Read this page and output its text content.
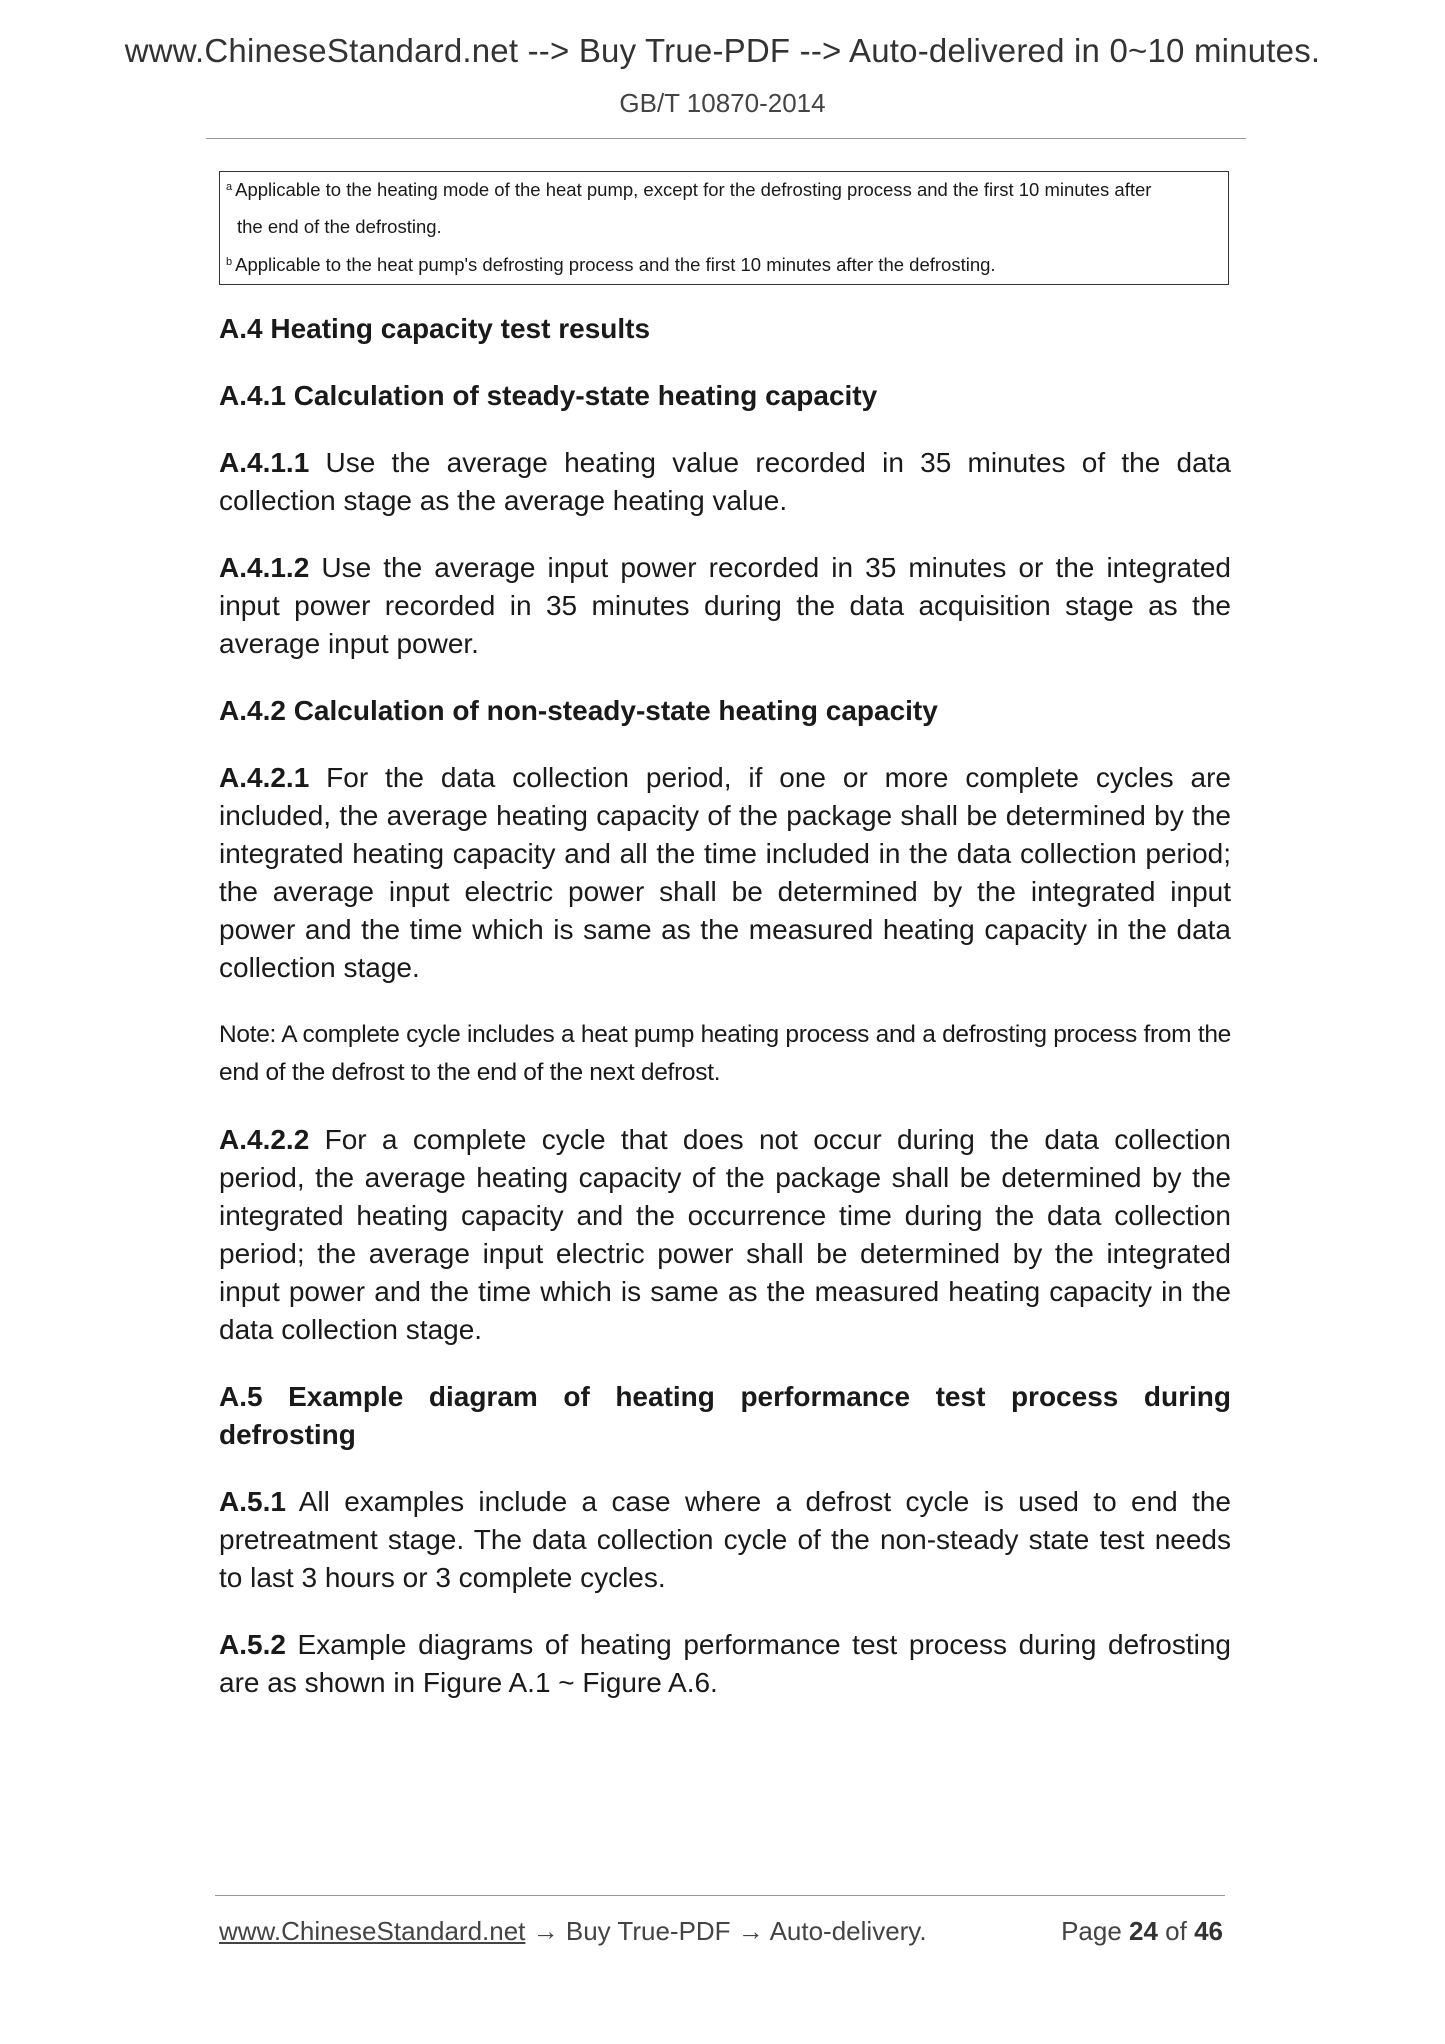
www.ChineseStandard.net --> Buy True-PDF --> Auto-delivered in 0~10 minutes.
GB/T 10870-2014
$^a$ Applicable to the heating mode of the heat pump, except for the defrosting process and the first 10 minutes after
the end of the defrosting.
$^b$ Applicable to the heat pump's defrosting process and the first 10 minutes after the defrosting.
A.4 Heating capacity test results
A.4.1 Calculation of steady-state heating capacity
A.4.1.1 Use the average heating value recorded in 35 minutes of the data collection stage as the average heating value.
A.4.1.2 Use the average input power recorded in 35 minutes or the integrated input power recorded in 35 minutes during the data acquisition stage as the average input power.
A.4.2 Calculation of non-steady-state heating capacity
A.4.2.1 For the data collection period, if one or more complete cycles are included, the average heating capacity of the package shall be determined by the integrated heating capacity and all the time included in the data collection period; the average input electric power shall be determined by the integrated input power and the time which is same as the measured heating capacity in the data collection stage.
Note: A complete cycle includes a heat pump heating process and a defrosting process from the end of the defrost to the end of the next defrost.
A.4.2.2 For a complete cycle that does not occur during the data collection period, the average heating capacity of the package shall be determined by the integrated heating capacity and the occurrence time during the data collection period; the average input electric power shall be determined by the integrated input power and the time which is same as the measured heating capacity in the data collection stage.
A.5 Example diagram of heating performance test process during defrosting
A.5.1 All examples include a case where a defrost cycle is used to end the pretreatment stage. The data collection cycle of the non-steady state test needs to last 3 hours or 3 complete cycles.
A.5.2 Example diagrams of heating performance test process during defrosting are as shown in Figure A.1 ~ Figure A.6.
www.ChineseStandard.net → Buy True-PDF → Auto-delivery.	Page 24 of 46
